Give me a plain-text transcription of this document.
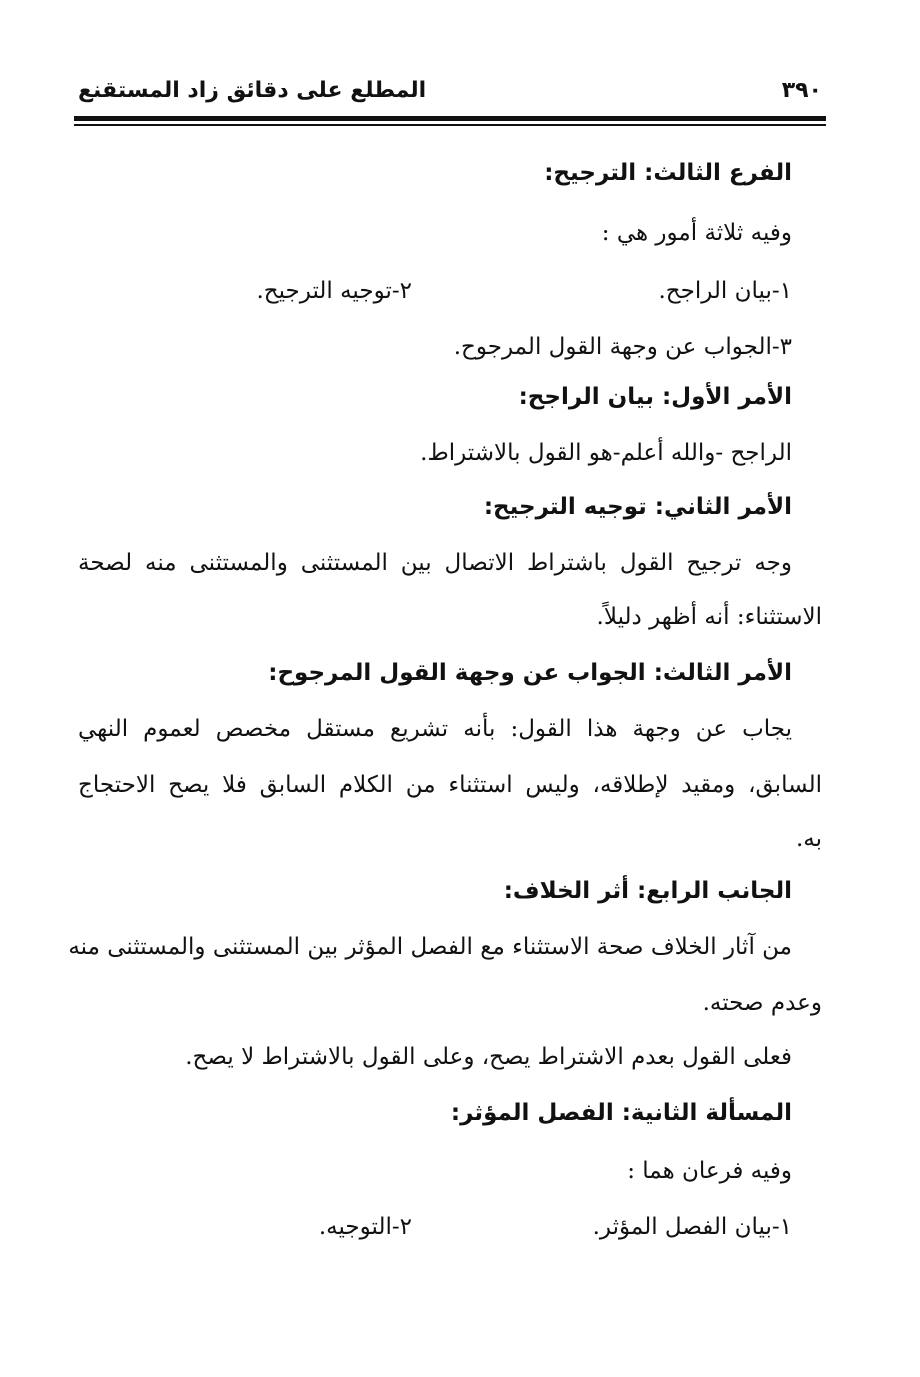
٣٩٠
المطلع على دقائق زاد المستقنع
الفرع الثالث: الترجيح:
وفيه ثلاثة أمور هي :
١-بيان الراجح.
٢-توجيه الترجيح.
٣-الجواب عن وجهة القول المرجوح.
الأمر الأول: بيان الراجح:
الراجح -والله أعلم-هو القول بالاشتراط.
الأمر الثاني: توجيه الترجيح:
وجه ترجيح القول باشتراط الاتصال بين المستثنى والمستثنى منه لصحة
الاستثناء: أنه أظهر دليلاً.
الأمر الثالث: الجواب عن وجهة القول المرجوح:
يجاب عن وجهة هذا القول: بأنه تشريع مستقل مخصص لعموم النهي
السابق، ومقيد لإطلاقه، وليس استثناء من الكلام السابق فلا يصح الاحتجاج
به.
الجانب الرابع: أثر الخلاف:
من آثار الخلاف صحة الاستثناء مع الفصل المؤثر بين المستثنى والمستثنى منه
وعدم صحته.
فعلى القول بعدم الاشتراط يصح، وعلى القول بالاشتراط لا يصح.
المسألة الثانية: الفصل المؤثر:
وفيه فرعان هما :
١-بيان الفصل المؤثر.
٢-التوجيه.
